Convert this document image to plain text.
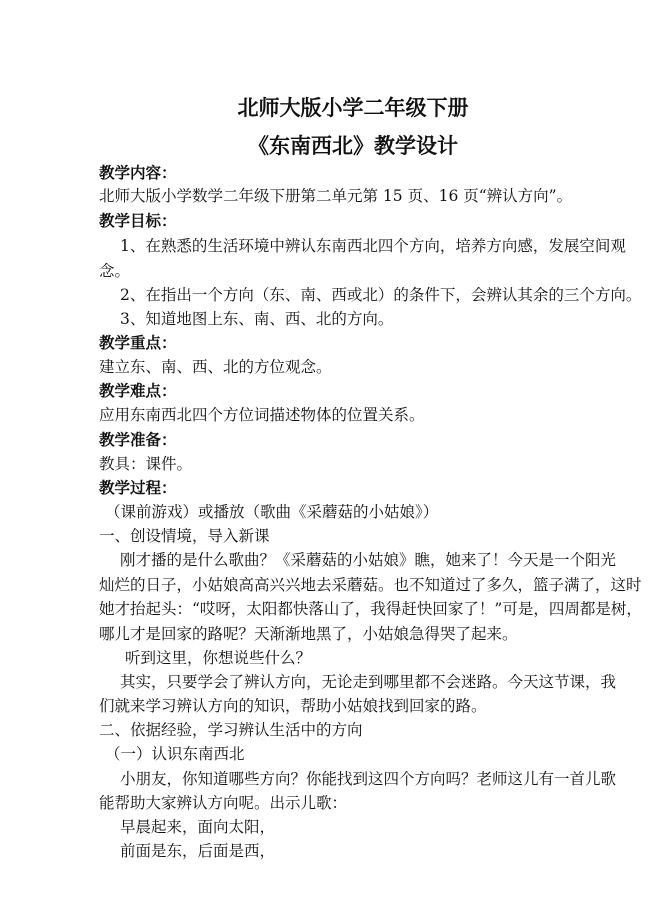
北师大版小学二年级下册
《东南西北》教学设计
教学内容：
北师大版小学数学二年级下册第二单元第 15 页、16 页“辨认方向”。
教学目标：
1、在熟悉的生活环境中辨认东南西北四个方向，培养方向感，发展空间观
念。
2、在指出一个方向（东、南、西或北）的条件下，会辨认其余的三个方向。
3、知道地图上东、南、西、北的方向。
教学重点：
建立东、南、西、北的方位观念。
教学难点：
应用东南西北四个方位词描述物体的位置关系。
教学准备：
教具：课件。
教学过程：
（课前游戏）或播放（歌曲《采蘑菇的小姑娘》）
一、创设情境，导入新课
刚才播的是什么歌曲？《采蘑菇的小姑娘》瞧，她来了！今天是一个阳光
灿烂的日子，小姑娘高高兴兴地去采蘑菇。也不知道过了多久，篮子满了，这时
她才抬起头：“哎呀，太阳都快落山了，我得赶快回家了！”可是，四周都是树，
哪儿才是回家的路呢？天渐渐地黑了，小姑娘急得哭了起来。
听到这里，你想说些什么？
其实，只要学会了辨认方向，无论走到哪里都不会迷路。今天这节课，我
们就来学习辨认方向的知识，帮助小姑娘找到回家的路。
二、依据经验，学习辨认生活中的方向
（一）认识东南西北
小朋友，你知道哪些方向？你能找到这四个方向吗？老师这儿有一首儿歌
能帮助大家辨认方向呢。出示儿歌：
早晨起来，面向太阳，
前面是东，后面是西，
